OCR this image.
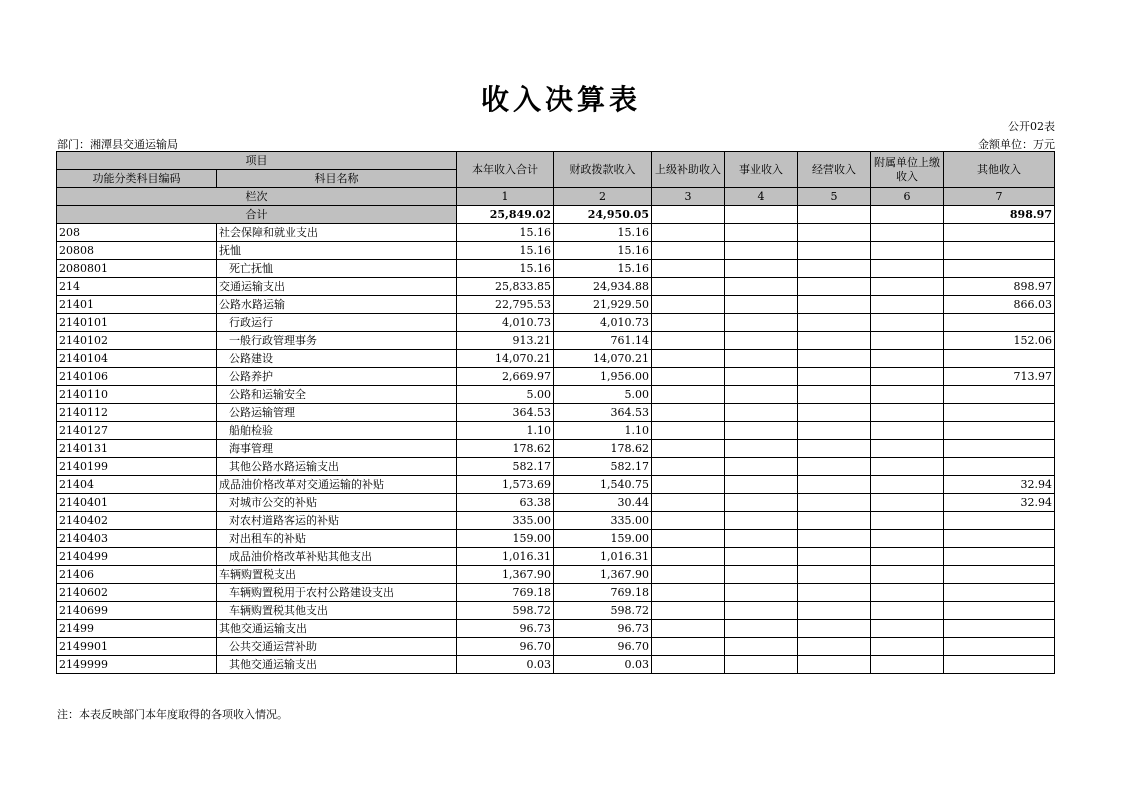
收入决算表
公开02表
部门：湘潭县交通运输局	金额单位：万元
项目		本年收入合计	财政拨款收入	上级补助收入	事业收入	经营收入	附属单位上缴收入	其他收入
功能分类科目编码	科目名称							
栏次		1	2	3	4	5	6	7
合计		25,849.02	24,950.05					898.97
208	社会保障和就业支出	15.16	15.16					
20808	抚恤	15.16	15.16					
2080801	死亡抚恤	15.16	15.16					
214	交通运输支出	25,833.85	24,934.88					898.97
21401	公路水路运输	22,795.53	21,929.50					866.03
2140101	行政运行	4,010.73	4,010.73					
2140102	一般行政管理事务	913.21	761.14					152.06
2140104	公路建设	14,070.21	14,070.21					
2140106	公路养护	2,669.97	1,956.00					713.97
2140110	公路和运输安全	5.00	5.00					
2140112	公路运输管理	364.53	364.53					
2140127	船舶检验	1.10	1.10					
2140131	海事管理	178.62	178.62					
2140199	其他公路水路运输支出	582.17	582.17					
21404	成品油价格改革对交通运输的补贴	1,573.69	1,540.75					32.94
2140401	对城市公交的补贴	63.38	30.44					32.94
2140402	对农村道路客运的补贴	335.00	335.00					
2140403	对出租车的补贴	159.00	159.00					
2140499	成品油价格改革补贴其他支出	1,016.31	1,016.31					
21406	车辆购置税支出	1,367.90	1,367.90					
2140602	车辆购置税用于农村公路建设支出	769.18	769.18					
2140699	车辆购置税其他支出	598.72	598.72					
21499	其他交通运输支出	96.73	96.73					
2149901	公共交通运营补助	96.70	96.70					
2149999	其他交通运输支出	0.03	0.03					
注：本表反映部门本年度取得的各项收入情况。
